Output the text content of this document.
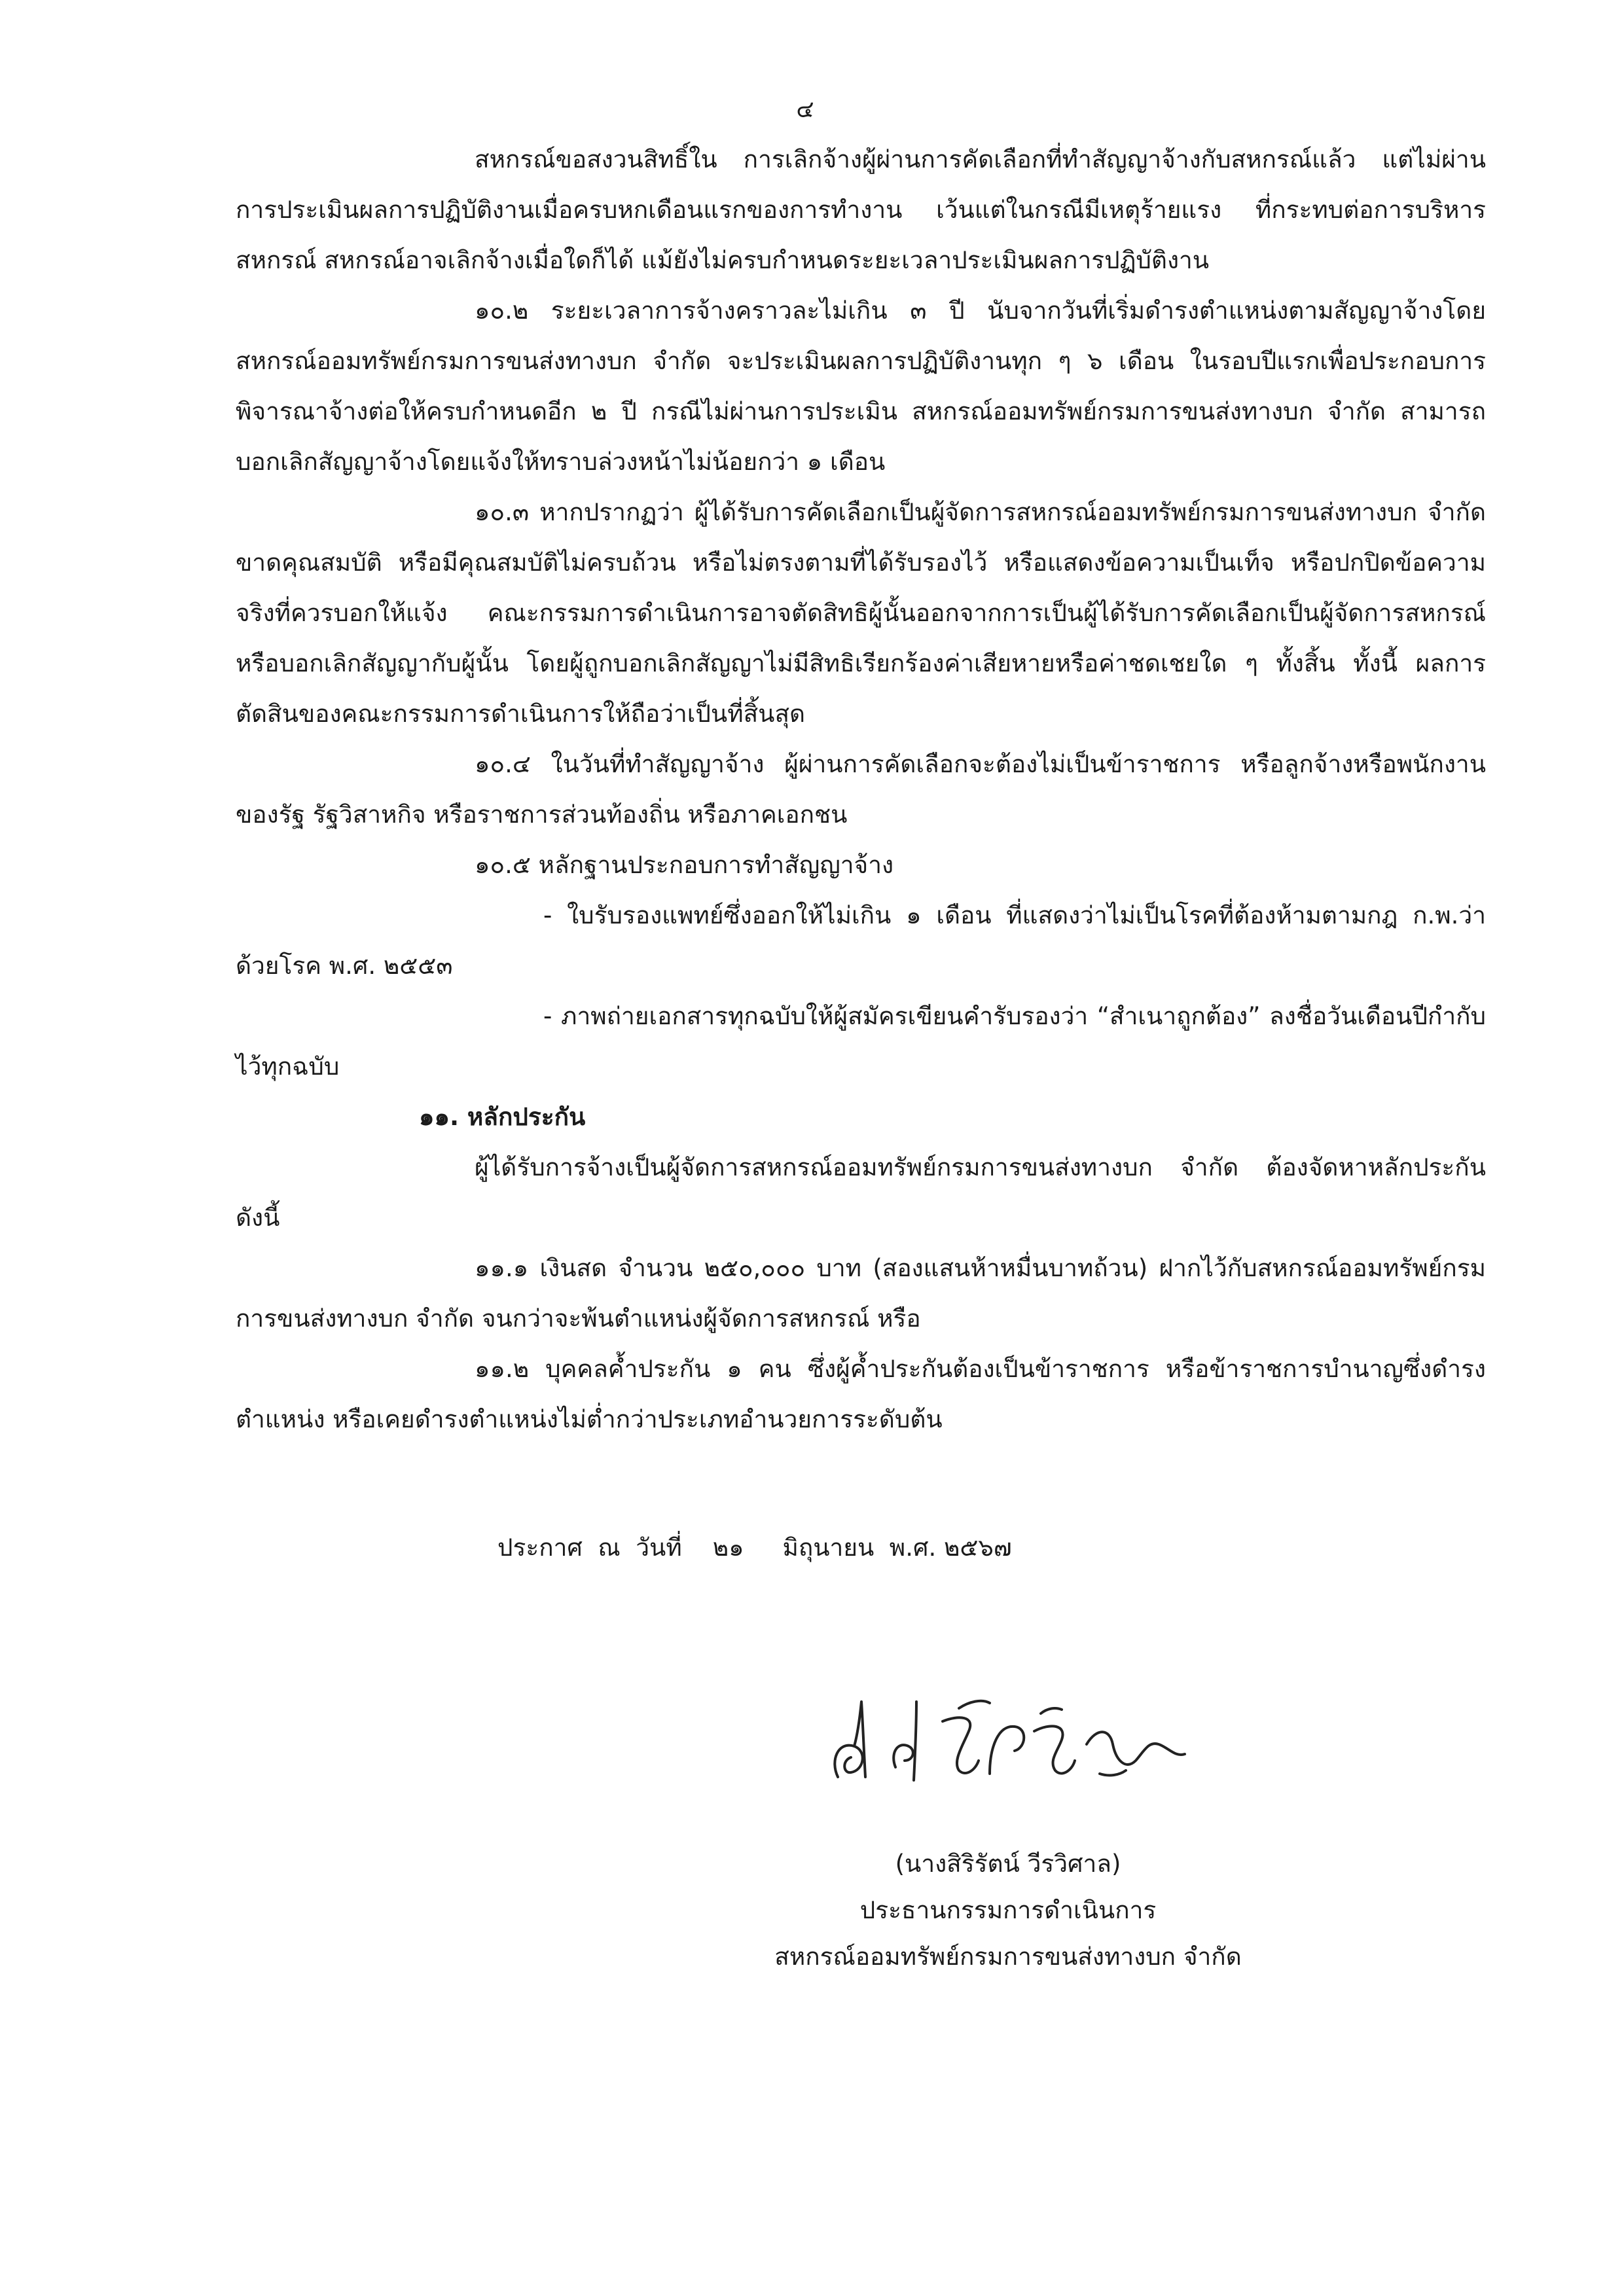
๔

สหกรณ์ขอสงวนสิทธิ์ใน การเลิกจ้างผู้ผ่านการคัดเลือกที่ทำสัญญาจ้างกับสหกรณ์แล้ว แต่ไม่ผ่านการประเมินผลการปฏิบัติงานเมื่อครบหกเดือนแรกของการทำงาน เว้นแต่ในกรณีมีเหตุร้ายแรง ที่กระทบต่อการบริหารสหกรณ์ สหกรณ์อาจเลิกจ้างเมื่อใดก็ได้ แม้ยังไม่ครบกำหนดระยะเวลาประเมินผลการปฏิบัติงาน

๑๐.๒ ระยะเวลาการจ้างคราวละไม่เกิน ๓ ปี นับจากวันที่เริ่มดำรงตำแหน่งตามสัญญาจ้างโดยสหกรณ์ออมทรัพย์กรมการขนส่งทางบก จำกัด จะประเมินผลการปฏิบัติงานทุก ๆ ๖ เดือน ในรอบปีแรกเพื่อประกอบการพิจารณาจ้างต่อให้ครบกำหนดอีก ๒ ปี กรณีไม่ผ่านการประเมิน สหกรณ์ออมทรัพย์กรมการขนส่งทางบก จำกัด สามารถบอกเลิกสัญญาจ้างโดยแจ้งให้ทราบล่วงหน้าไม่น้อยกว่า ๑ เดือน

๑๐.๓ หากปรากฏว่า ผู้ได้รับการคัดเลือกเป็นผู้จัดการสหกรณ์ออมทรัพย์กรมการขนส่งทางบก จำกัด ขาดคุณสมบัติ หรือมีคุณสมบัติไม่ครบถ้วน หรือไม่ตรงตามที่ได้รับรองไว้ หรือแสดงข้อความเป็นเท็จ หรือปกปิดข้อความจริงที่ควรบอกให้แจ้ง คณะกรรมการดำเนินการอาจตัดสิทธิผู้นั้นออกจากการเป็นผู้ได้รับการคัดเลือกเป็นผู้จัดการสหกรณ์ หรือบอกเลิกสัญญากับผู้นั้น โดยผู้ถูกบอกเลิกสัญญาไม่มีสิทธิเรียกร้องค่าเสียหายหรือค่าชดเชยใด ๆ ทั้งสิ้น ทั้งนี้ ผลการตัดสินของคณะกรรมการดำเนินการให้ถือว่าเป็นที่สิ้นสุด

๑๐.๔ ในวันที่ทำสัญญาจ้าง ผู้ผ่านการคัดเลือกจะต้องไม่เป็นข้าราชการ หรือลูกจ้างหรือพนักงานของรัฐ รัฐวิสาหกิจ หรือราชการส่วนท้องถิ่น หรือภาคเอกชน

๑๐.๕ หลักฐานประกอบการทำสัญญาจ้าง

- ใบรับรองแพทย์ซึ่งออกให้ไม่เกิน ๑ เดือน ที่แสดงว่าไม่เป็นโรคที่ต้องห้ามตามกฎ ก.พ.ว่าด้วยโรค พ.ศ. ๒๕๕๓

- ภาพถ่ายเอกสารทุกฉบับให้ผู้สมัครเขียนคำรับรองว่า “สำเนาถูกต้อง” ลงชื่อวันเดือนปีกำกับไว้ทุกฉบับ

๑๑. หลักประกัน

ผู้ได้รับการจ้างเป็นผู้จัดการสหกรณ์ออมทรัพย์กรมการขนส่งทางบก จำกัด ต้องจัดหาหลักประกันดังนี้

๑๑.๑ เงินสด จำนวน ๒๕๐,๐๐๐ บาท (สองแสนห้าหมื่นบาทถ้วน) ฝากไว้กับสหกรณ์ออมทรัพย์กรมการขนส่งทางบก จำกัด จนกว่าจะพ้นตำแหน่งผู้จัดการสหกรณ์ หรือ

๑๑.๒ บุคคลค้ำประกัน ๑ คน ซึ่งผู้ค้ำประกันต้องเป็นข้าราชการ หรือข้าราชการบำนาญซึ่งดำรงตำแหน่ง หรือเคยดำรงตำแหน่งไม่ต่ำกว่าประเภทอำนวยการระดับต้น

ประกาศ  ณ  วันที่    ๒๑     มิถุนายน  พ.ศ. ๒๕๖๗
(นางสิริรัตน์ วีรวิศาล)
ประธานกรรมการดำเนินการ
สหกรณ์ออมทรัพย์กรมการขนส่งทางบก จำกัด
